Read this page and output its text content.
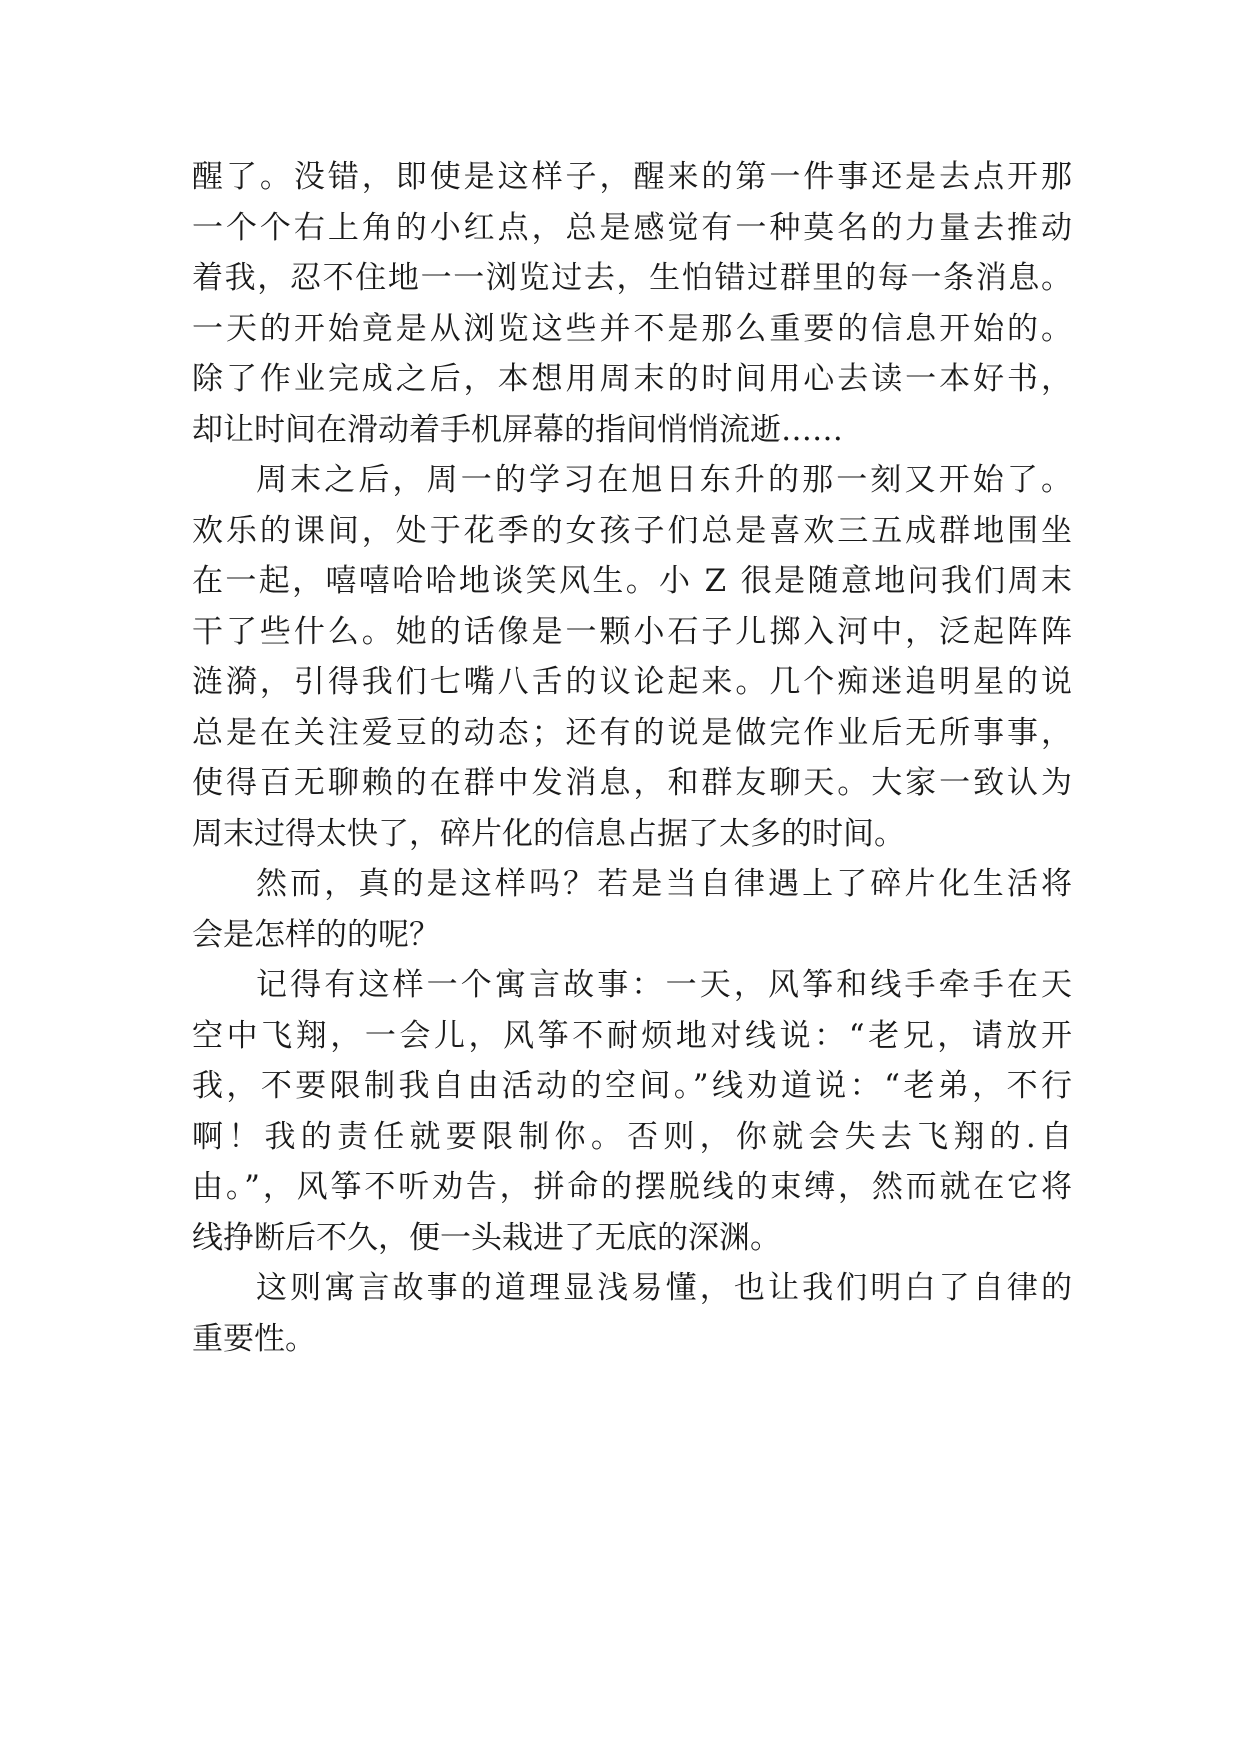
醒了。没错，即使是这样子，醒来的第一件事还是去点开那
一个个右上角的小红点，总是感觉有一种莫名的力量去推动
着我，忍不住地一一浏览过去，生怕错过群里的每一条消息。
一天的开始竟是从浏览这些并不是那么重要的信息开始的。
除了作业完成之后，本想用周末的时间用心去读一本好书，
却让时间在滑动着手机屏幕的指间悄悄流逝……
周末之后，周一的学习在旭日东升的那一刻又开始了。
欢乐的课间，处于花季的女孩子们总是喜欢三五成群地围坐
在一起，嘻嘻哈哈地谈笑风生。小 Z 很是随意地问我们周末
干了些什么。她的话像是一颗小石子儿掷入河中，泛起阵阵
涟漪，引得我们七嘴八舌的议论起来。几个痴迷追明星的说
总是在关注爱豆的动态；还有的说是做完作业后无所事事，
使得百无聊赖的在群中发消息，和群友聊天。大家一致认为
周末过得太快了，碎片化的信息占据了太多的时间。
然而，真的是这样吗？若是当自律遇上了碎片化生活将
会是怎样的的呢？
记得有这样一个寓言故事：一天，风筝和线手牵手在天
空中飞翔，一会儿，风筝不耐烦地对线说：“老兄，请放开
我，不要限制我自由活动的空间。”线劝道说：“老弟，不行
啊！我的责任就要限制你。否则，你就会失去飞翔的.自
由。”，风筝不听劝告，拼命的摆脱线的束缚，然而就在它将
线挣断后不久，便一头栽进了无底的深渊。
这则寓言故事的道理显浅易懂，也让我们明白了自律的
重要性。
